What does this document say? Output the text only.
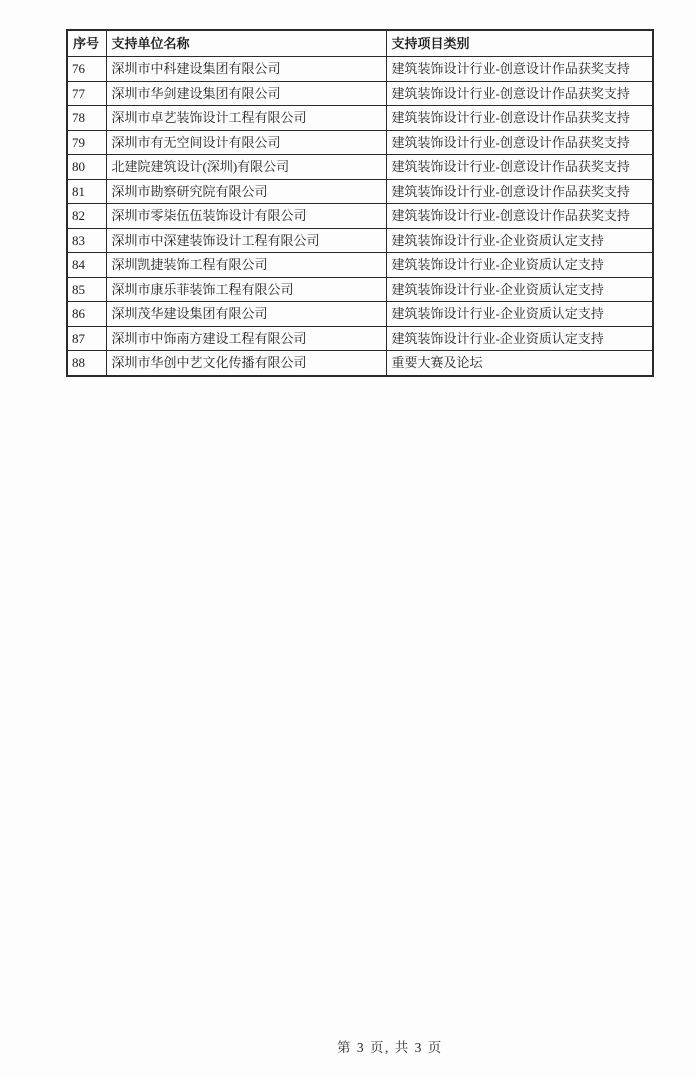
序号	支持单位名称	支持项目类别
76	深圳市中科建设集团有限公司	建筑装饰设计行业-创意设计作品获奖支持
77	深圳市华剑建设集团有限公司	建筑装饰设计行业-创意设计作品获奖支持
78	深圳市卓艺装饰设计工程有限公司	建筑装饰设计行业-创意设计作品获奖支持
79	深圳市有无空间设计有限公司	建筑装饰设计行业-创意设计作品获奖支持
80	北建院建筑设计(深圳)有限公司	建筑装饰设计行业-创意设计作品获奖支持
81	深圳市勘察研究院有限公司	建筑装饰设计行业-创意设计作品获奖支持
82	深圳市零柒伍伍装饰设计有限公司	建筑装饰设计行业-创意设计作品获奖支持
83	深圳市中深建装饰设计工程有限公司	建筑装饰设计行业-企业资质认定支持
84	深圳凯捷装饰工程有限公司	建筑装饰设计行业-企业资质认定支持
85	深圳市康乐菲装饰工程有限公司	建筑装饰设计行业-企业资质认定支持
86	深圳茂华建设集团有限公司	建筑装饰设计行业-企业资质认定支持
87	深圳市中饰南方建设工程有限公司	建筑装饰设计行业-企业资质认定支持
88	深圳市华创中艺文化传播有限公司	重要大赛及论坛
第 3 页, 共 3 页
